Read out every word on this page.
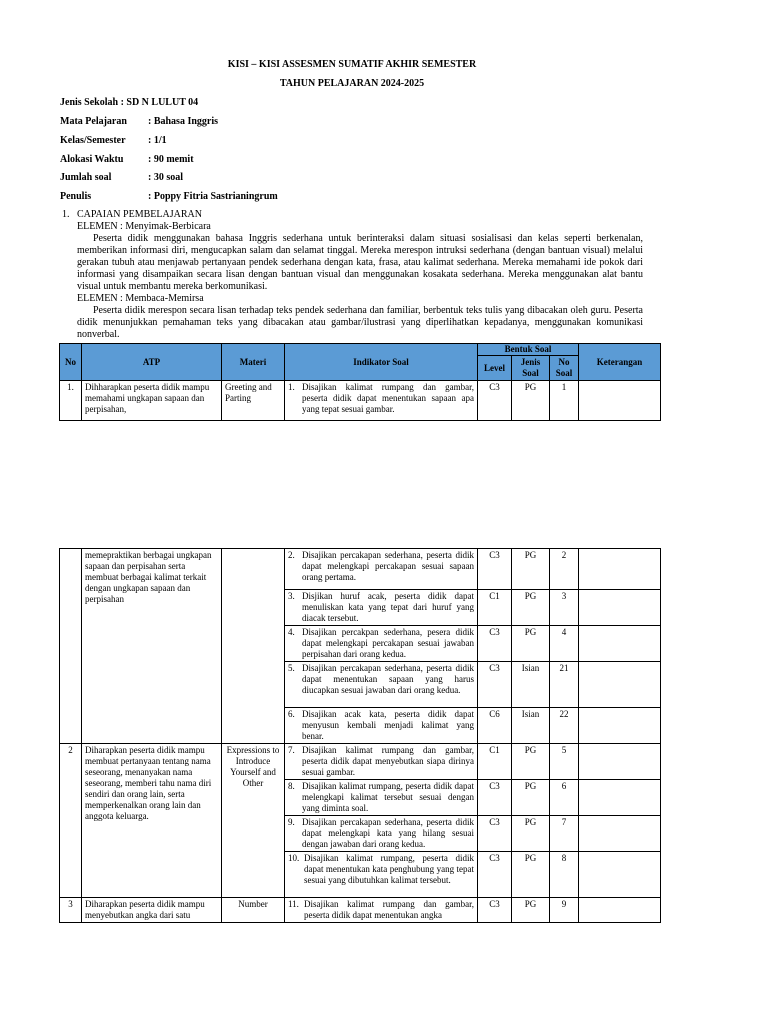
KISI – KISI ASSESMEN SUMATIF AKHIR SEMESTER
TAHUN PELAJARAN 2024-2025
Jenis Sekolah : SD N LULUT 04
Mata Pelajaran : Bahasa Inggris
Kelas/Semester : 1/1
Alokasi Waktu : 90 memit
Jumlah soal	: 30 soal
Penulis	: Poppy Fitria Sastrianingrum
1. CAPAIAN PEMBELAJARAN
ELEMEN : Menyimak-Berbicara
Peserta didik menggunakan bahasa Inggris sederhana untuk berinteraksi dalam situasi sosialisasi dan kelas seperti berkenalan, memberikan informasi diri, mengucapkan salam dan selamat tinggal. Mereka merespon intruksi sederhana (dengan bantuan visual) melalui gerakan tubuh atau menjawab pertanyaan pendek sederhana dengan kata, frasa, atau kalimat sederhana. Mereka memahami ide pokok dari informasi yang disampaikan secara lisan dengan bantuan visual dan menggunakan kosakata sederhana. Mereka menggunakan alat bantu visual untuk membantu mereka berkomunikasi.
ELEMEN : Membaca-Memirsa
Peserta didik merespon secara lisan terhadap teks pendek sederhana dan familiar, berbentuk teks tulis yang dibacakan oleh guru. Peserta didik menunjukkan pemahaman teks yang dibacakan atau gambar/ilustrasi yang diperlihatkan kepadanya, menggunakan komunikasi nonverbal.
No	ATP	Materi	Indikator Soal	Bentuk Soal			Keterangan
				Level	Jenis Soal	No Soal	
1.	Dihharapkan peserta didik mampu memahami ungkapan sapaan dan perpisahan,	Greeting and Parting	1. Disajikan kalimat rumpang dan gambar, peserta didik dapat menentukan sapaan apa yang tepat sesuai gambar.	C3	PG	1	
	memepraktikan berbagai ungkapan sapaan dan perpisahan serta membuat berbagai kalimat terkait dengan ungkapan sapaan dan perpisahan		2. Disajikan percakapan sederhana, peserta didik dapat melengkapi percakapan sesuai sapaan orang pertama.	C3	PG	2	

			3. Disjikan huruf acak, peserta didik dapat menuliskan kata yang tepat dari huruf yang diacak tersebut.	C1	PG	3	

			4. Disajikan percakpan sederhana, pesera didik dapat melengkapi percakapan sesuai jawaban perpisahan dari orang kedua.	C3	PG	4	

			5. Disajikan percakapan sederhana, peserta didik dapat menentukan sapaan yang harus diucapkan sesuai jawaban dari orang kedua.	C3	Isian	21	

			6. Disajikan acak kata, peserta didik dapat menyusun kembali menjadi kalimat yang benar.	C6	Isian	22	
2	Diharapkan peserta didik mampu membuat pertanyaan tentang nama seseorang, menanyakan nama seseorang, memberi tahu nama diri sendiri dan orang lain, serta memperkenalkan orang lain dan anggota keluarga.	Expressions to Introduce Yourself and Other	7. Disajikan kalimat rumpang dan gambar, peserta didik dapat menyebutkan siapa dirinya sesuai gambar.	C1	PG	5	

			8. Disajikan kalimat rumpang, peserta didik dapat melengkapi kalimat tersebut sesuai dengan yang diminta soal.	C3	PG	6	

			9. Disajikan percakapan sederhana, peserta didik dapat melengkapi kata yang hilang sesuai dengan jawaban dari orang kedua.	C3	PG	7	

			10. Disajikan kalimat rumpang, peserta didik dapat menentukan kata penghubung yang tepat sesuai yang dibutuhkan kalimat tersebut.	C3	PG	8	
3	Diharapkan peserta didik mampu menyebutkan angka dari satu	Number	11. Disajikan kalimat rumpang dan gambar, peserta didik dapat menentukan angka	C3	PG	9	
